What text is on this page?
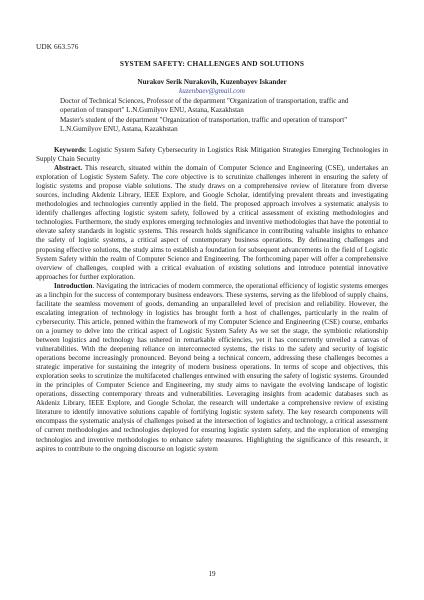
UDK 663.576
SYSTEM SAFETY: CHALLENGES AND SOLUTIONS
Nurakov Serik Nurakovih, Kuzenbayev Iskander
kuzenbaev@gmail.com
Doctor of Technical Sciences, Professor of the department "Organization of transportation, traffic and operation of transport" L.N.Gumilyov ENU, Astana, Kazakhstan
Master's student of the department "Organization of transportation, traffic and operation of transport" L.N.Gumilyov ENU, Astana, Kazakhstan

Keywords: Logistic System Safety Cybersecurity in Logistics Risk Mitigation Strategies Emerging Technologies in Supply Chain Security

Abstract. This research, situated within the domain of Computer Science and Engineering (CSE), undertakes an exploration of Logistic System Safety. The core objective is to scrutinize challenges inherent in ensuring the safety of logistic systems and propose viable solutions. The study draws on a comprehensive review of literature from diverse sources, including Akdeniz Library, IEEE Explore, and Google Scholar, identifying prevalent threats and investigating methodologies and technologies currently applied in the field. The proposed approach involves a systematic analysis to identify challenges affecting logistic system safety, followed by a critical assessment of existing methodologies and technologies. Furthermore, the study explores emerging technologies and inventive methodologies that have the potential to elevate safety standards in logistic systems. This research holds significance in contributing valuable insights to enhance the safety of logistic systems, a critical aspect of contemporary business operations. By delineating challenges and proposing effective solutions, the study aims to establish a foundation for subsequent advancements in the field of Logistic System Safety within the realm of Computer Science and Engineering. The forthcoming paper will offer a comprehensive overview of challenges, coupled with a critical evaluation of existing solutions and introduce potential innovative approaches for further exploration.

Introduction. Navigating the intricacies of modern commerce, the operational efficiency of logistic systems emerges as a linchpin for the success of contemporary business endeavors. These systems, serving as the lifeblood of supply chains, facilitate the seamless movement of goods, demanding an unparalleled level of precision and reliability. However, the escalating integration of technology in logistics has brought forth a host of challenges, particularly in the realm of cybersecurity. This article, penned within the framework of my Computer Science and Engineering (CSE) course, embarks on a journey to delve into the critical aspect of Logistic System Safety As we set the stage, the symbiotic relationship between logistics and technology has ushered in remarkable efficiencies, yet it has concurrently unveiled a canvas of vulnerabilities. With the deepening reliance on interconnected systems, the risks to the safety and security of logistic operations become increasingly pronounced. Beyond being a technical concern, addressing these challenges becomes a strategic imperative for sustaining the integrity of modern business operations. In terms of scope and objectives, this exploration seeks to scrutinize the multifaceted challenges entwined with ensuring the safety of logistic systems. Grounded in the principles of Computer Science and Engineering, my study aims to navigate the evolving landscape of logistic operations, dissecting contemporary threats and vulnerabilities. Leveraging insights from academic databases such as Akdeniz Library, IEEE Explore, and Google Scholar, the research will undertake a comprehensive review of existing literature to identify innovative solutions capable of fortifying logistic system safety. The key research components will encompass the systematic analysis of challenges poised at the intersection of logistics and technology, a critical assessment of current methodologies and technologies deployed for ensuring logistic system safety, and the exploration of emerging technologies and inventive methodologies to enhance safety measures. Highlighting the significance of this research, it aspires to contribute to the ongoing discourse on logistic system

19
